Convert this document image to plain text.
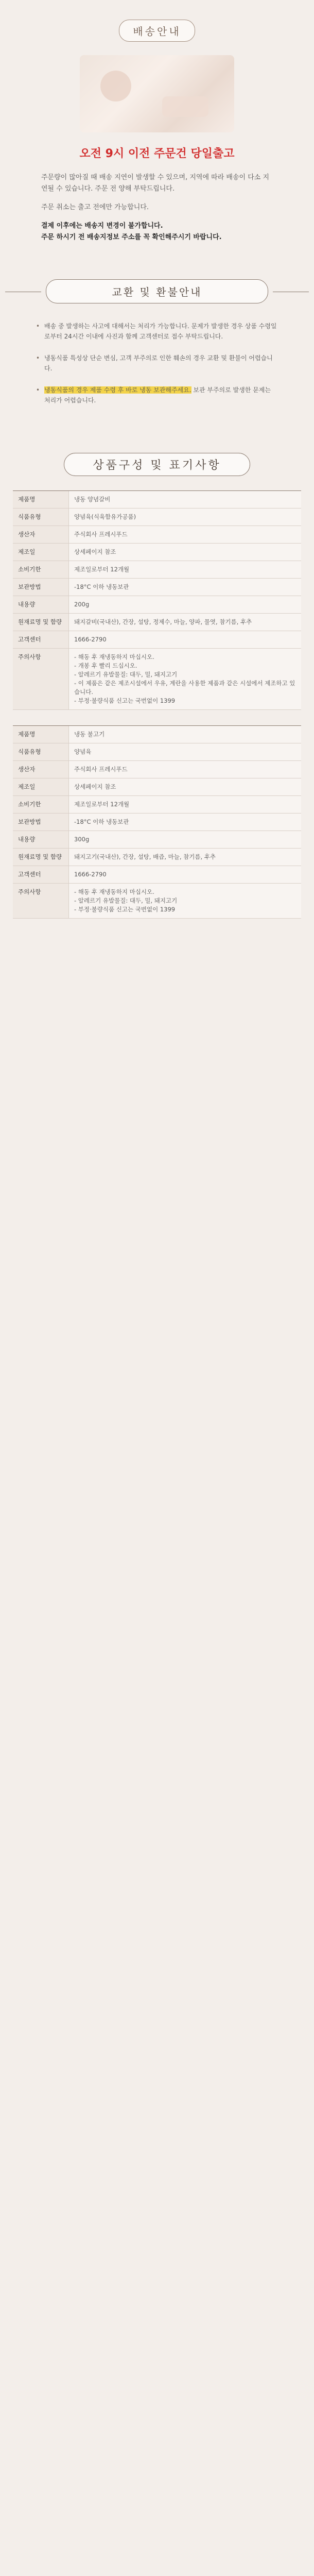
배송안내
오전 9시 이전 주문건 당일출고

주문량이 많아질 때 배송 지연이 발생할 수 있으며, 지역에 따라 배송이 다소 지연될 수 있습니다. 주문 전 양해 부탁드립니다.

주문 취소는 출고 전에만 가능합니다.

결제 이후에는 배송지 변경이 불가합니다.
주문 하시기 전 배송지정보 주소를 꼭 확인해주시기 바랍니다.
교환 및 환불안내
• 배송 중 발생하는 사고에 대해서는 처리가 가능합니다. 문제가 발생한 경우 상품 수령일로부터 24시간 이내에 사진과 함께 고객센터로 접수 부탁드립니다.
• 냉동식품 특성상 단순 변심, 고객 부주의로 인한 훼손의 경우 교환 및 환불이 어렵습니다.
• 냉동식품의 경우 제품 수령 후 바로 냉동 보관해주세요. 보관 부주의로 발생한 문제는 처리가 어렵습니다.
상품구성 및 표기사항
제품명	냉동 양념갈비
식품유형	양념육(식육함유가공품)
생산자	주식회사 프레시푸드
제조일	상세페이지 참조
소비기한	제조일로부터 12개월
보관방법	-18°C 이하 냉동보관
내용량	200g
원재료명 및 함량	돼지갈비(국내산), 간장, 설탕, 정제수, 마늘, 양파, 물엿, 참기름, 후추
고객센터	1666-2790
주의사항	- 해동 후 재냉동하지 마십시오.
- 개봉 후 빨리 드십시오.
- 알레르기 유발물질: 대두, 밀, 돼지고기
- 이 제품은 같은 제조시설에서 우유, 계란을 사용한 제품과 같은 시설에서 제조하고 있습니다.
- 부정·불량식품 신고는 국번없이 1399
제품명	냉동 불고기
식품유형	양념육
생산자	주식회사 프레시푸드
제조일	상세페이지 참조
소비기한	제조일로부터 12개월
보관방법	-18°C 이하 냉동보관
내용량	300g
원재료명 및 함량	돼지고기(국내산), 간장, 설탕, 배즙, 마늘, 참기름, 후추
고객센터	1666-2790
주의사항	- 해동 후 재냉동하지 마십시오.
- 알레르기 유발물질: 대두, 밀, 돼지고기
- 부정·불량식품 신고는 국번없이 1399
